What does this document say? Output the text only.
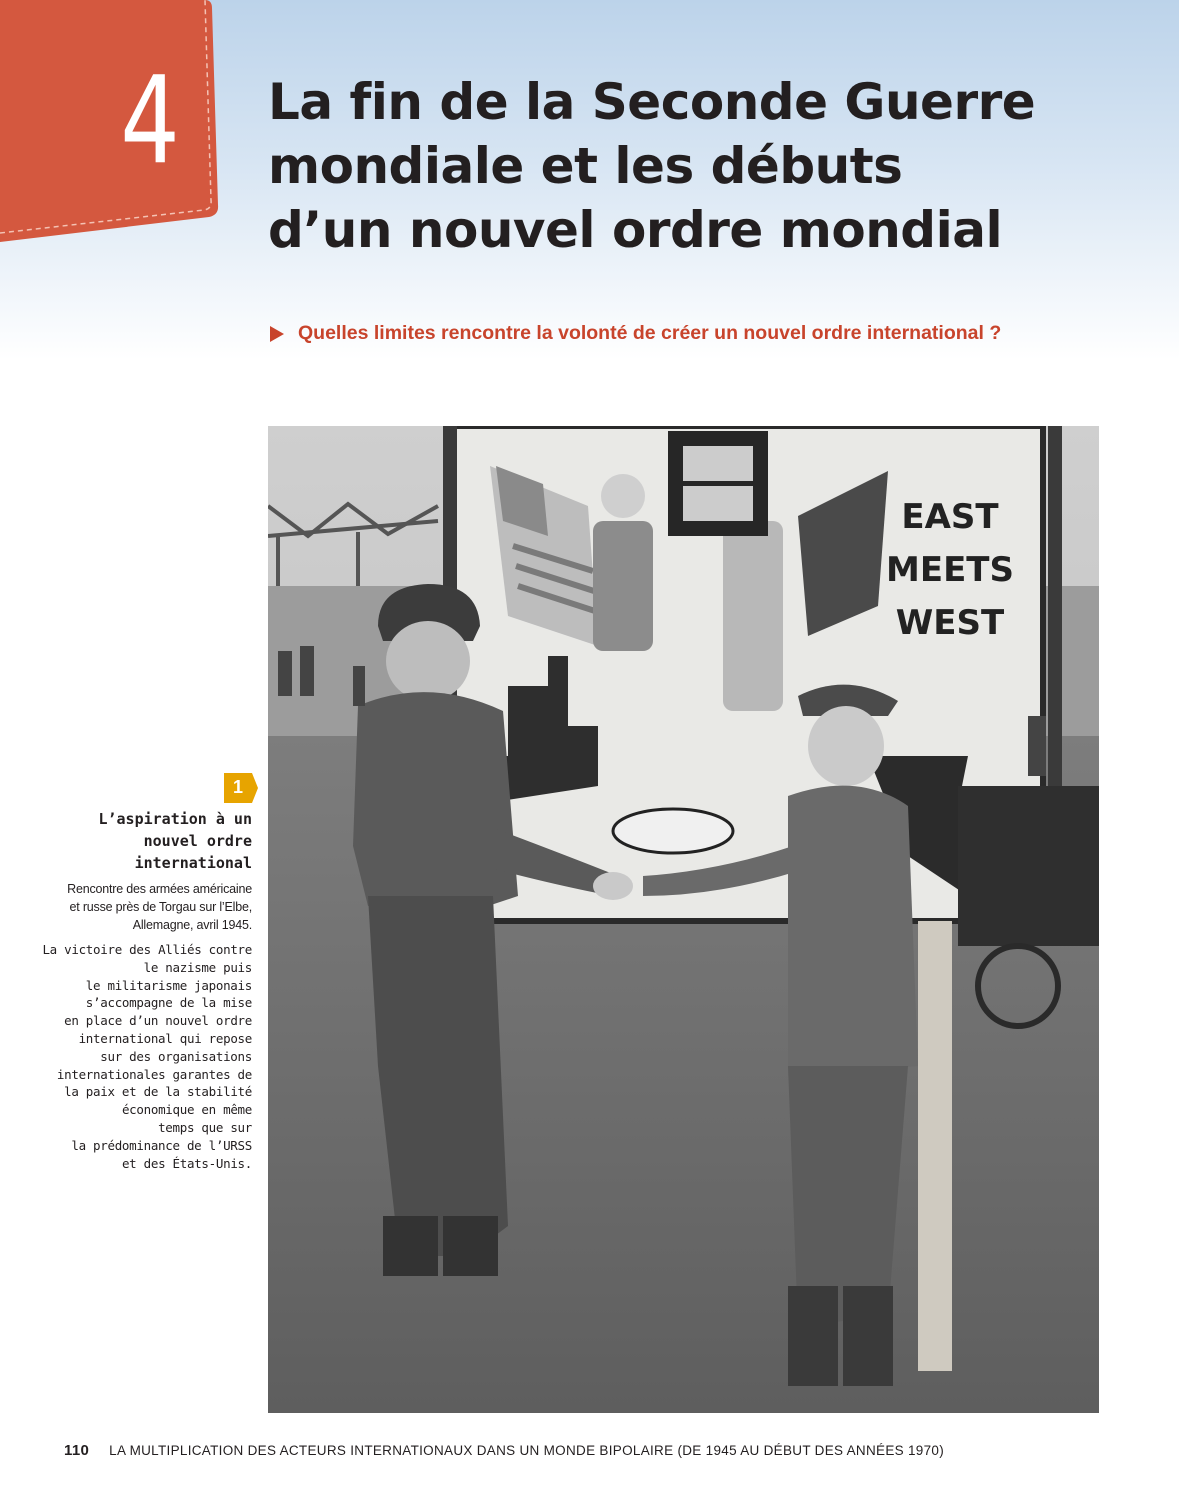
4	La fin de la Seconde Guerre
mondiale et les débuts
d’un nouvel ordre mondial
Quelles limites rencontre la volonté de créer un nouvel ordre international ?
EAST
MEETS
WEST
1
L’aspiration à un
nouvel ordre
international
Rencontre des armées américaine
et russe près de Torgau sur l’Elbe,
Allemagne, avril 1945.
La victoire des Alliés contre
le nazisme puis
le militarisme japonais
s’accompagne de la mise
en place d’un nouvel ordre
international qui repose
sur des organisations
internationales garantes de
la paix et de la stabilité
économique en même
temps que sur
la prédominance de l’URSS
et des États-Unis.
110 LA MULTIPLICATION DES ACTEURS INTERNATIONAUX DANS UN MONDE BIPOLAIRE (DE 1945 AU DÉBUT DES ANNÉES 1970)
